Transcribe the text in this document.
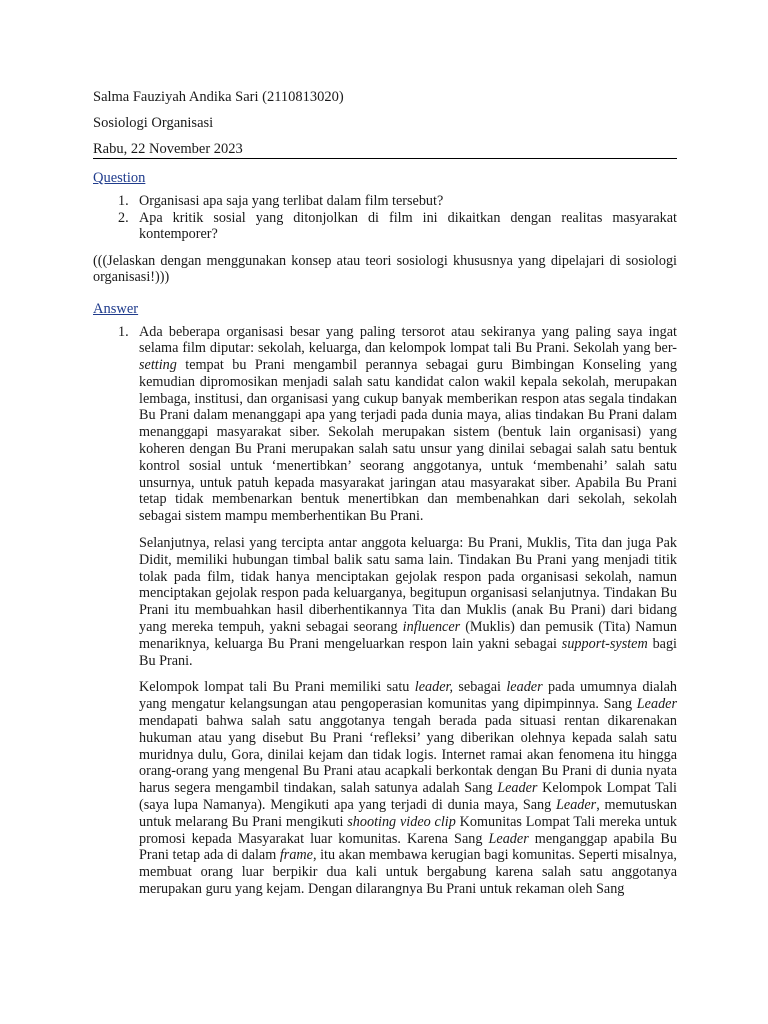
Salma Fauziyah Andika Sari (2110813020)

Sosiologi Organisasi

Rabu, 22 November 2023

Question

1. Organisasi apa saja yang terlibat dalam film tersebut?
2. Apa kritik sosial yang ditonjolkan di film ini dikaitkan dengan realitas masyarakat kontemporer?

(((Jelaskan dengan menggunakan konsep atau teori sosiologi khususnya yang dipelajari di sosiologi organisasi!)))

Answer

1. Ada beberapa organisasi besar yang paling tersorot atau sekiranya yang paling saya ingat selama film diputar: sekolah, keluarga, dan kelompok lompat tali Bu Prani. Sekolah yang ber-setting tempat bu Prani mengambil perannya sebagai guru Bimbingan Konseling yang kemudian dipromosikan menjadi salah satu kandidat calon wakil kepala sekolah, merupakan lembaga, institusi, dan organisasi yang cukup banyak memberikan respon atas segala tindakan Bu Prani dalam menanggapi apa yang terjadi pada dunia maya, alias tindakan Bu Prani dalam menanggapi masyarakat siber. Sekolah merupakan sistem (bentuk lain organisasi) yang koheren dengan Bu Prani merupakan salah satu unsur yang dinilai sebagai salah satu bentuk kontrol sosial untuk ‘menertibkan’ seorang anggotanya, untuk ‘membenahi’ salah satu unsurnya, untuk patuh kepada masyarakat jaringan atau masyarakat siber. Apabila Bu Prani tetap tidak membenarkan bentuk menertibkan dan membenahkan dari sekolah, sekolah sebagai sistem mampu memberhentikan Bu Prani.

Selanjutnya, relasi yang tercipta antar anggota keluarga: Bu Prani, Muklis, Tita dan juga Pak Didit, memiliki hubungan timbal balik satu sama lain. Tindakan Bu Prani yang menjadi titik tolak pada film, tidak hanya menciptakan gejolak respon pada organisasi sekolah, namun menciptakan gejolak respon pada keluarganya, begitupun organisasi selanjutnya. Tindakan Bu Prani itu membuahkan hasil diberhentikannya Tita dan Muklis (anak Bu Prani) dari bidang yang mereka tempuh, yakni sebagai seorang influencer (Muklis) dan pemusik (Tita) Namun menariknya, keluarga Bu Prani mengeluarkan respon lain yakni sebagai support-system bagi Bu Prani.

Kelompok lompat tali Bu Prani memiliki satu leader, sebagai leader pada umumnya dialah yang mengatur kelangsungan atau pengoperasian komunitas yang dipimpinnya. Sang Leader mendapati bahwa salah satu anggotanya tengah berada pada situasi rentan dikarenakan hukuman atau yang disebut Bu Prani ‘refleksi’ yang diberikan olehnya kepada salah satu muridnya dulu, Gora, dinilai kejam dan tidak logis. Internet ramai akan fenomena itu hingga orang-orang yang mengenal Bu Prani atau acapkali berkontak dengan Bu Prani di dunia nyata harus segera mengambil tindakan, salah satunya adalah Sang Leader Kelompok Lompat Tali (saya lupa Namanya). Mengikuti apa yang terjadi di dunia maya, Sang Leader, memutuskan untuk melarang Bu Prani mengikuti shooting video clip Komunitas Lompat Tali mereka untuk promosi kepada Masyarakat luar komunitas. Karena Sang Leader menganggap apabila Bu Prani tetap ada di dalam frame, itu akan membawa kerugian bagi komunitas. Seperti misalnya, membuat orang luar berpikir dua kali untuk bergabung karena salah satu anggotanya merupakan guru yang kejam. Dengan dilarangnya Bu Prani untuk rekaman oleh Sang
